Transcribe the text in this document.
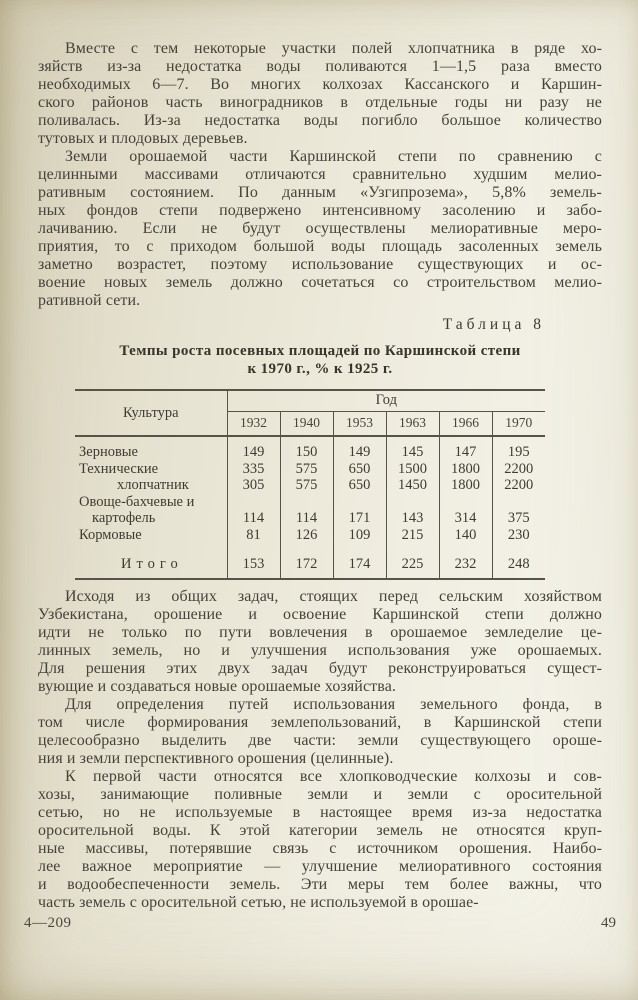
Вместе с тем некоторые участки полей хлопчатника в ряде хо-
зяйств из-за недостатка воды поливаются 1—1,5 раза вместо
необходимых 6—7. Во многих колхозах Кассанского и Каршин-
ского районов часть виноградников в отдельные годы ни разу не
поливалась. Из-за недостатка воды погибло большое количество
тутовых и плодовых деревьев.
Земли орошаемой части Каршинской степи по сравнению с
целинными массивами отличаются сравнительно худшим мелио-
ративным состоянием. По данным «Узгипрозема», 5,8% земель-
ных фондов степи подвержено интенсивному засолению и забо-
лачиванию. Если не будут осуществлены мелиоративные меро-
приятия, то с приходом большой воды площадь засоленных земель
заметно возрастет, поэтому использование существующих и ос-
воение новых земель должно сочетаться со строительством мелио-
ративной сети.
Таблица 8
Темпы роста посевных площадей по Каршинской степи
к 1970 г., % к 1925 г.
Культура	Год					
	1932	1940	1953	1963	1966	1970
Зерновые	149	150	149	145	147	195
Технические	335	575	650	1500	1800	2200
хлопчатник	305	575	650	1450	1800	2200
Овоще-бахчевые и						
картофель	114	114	171	143	314	375
Кормовые	81	126	109	215	140	230
Итого	153	172	174	225	232	248
Исходя из общих задач, стоящих перед сельским хозяйством
Узбекистана, орошение и освоение Каршинской степи должно
идти не только по пути вовлечения в орошаемое земледелие це-
линных земель, но и улучшения использования уже орошаемых.
Для решения этих двух задач будут реконструироваться сущест-
вующие и создаваться новые орошаемые хозяйства.
Для определения путей использования земельного фонда, в
том числе формирования землепользований, в Каршинской степи
целесообразно выделить две части: земли существующего ороше-
ния и земли перспективного орошения (целинные).
К первой части относятся все хлопководческие колхозы и сов-
хозы, занимающие поливные земли и земли с оросительной
сетью, но не используемые в настоящее время из-за недостатка
оросительной воды. К этой категории земель не относятся круп-
ные массивы, потерявшие связь с источником орошения. Наибо-
лее важное мероприятие — улучшение мелиоративного состояния
и водообеспеченности земель. Эти меры тем более важны, что
часть земель с оросительной сетью, не используемой в орошае-
4—209	49
